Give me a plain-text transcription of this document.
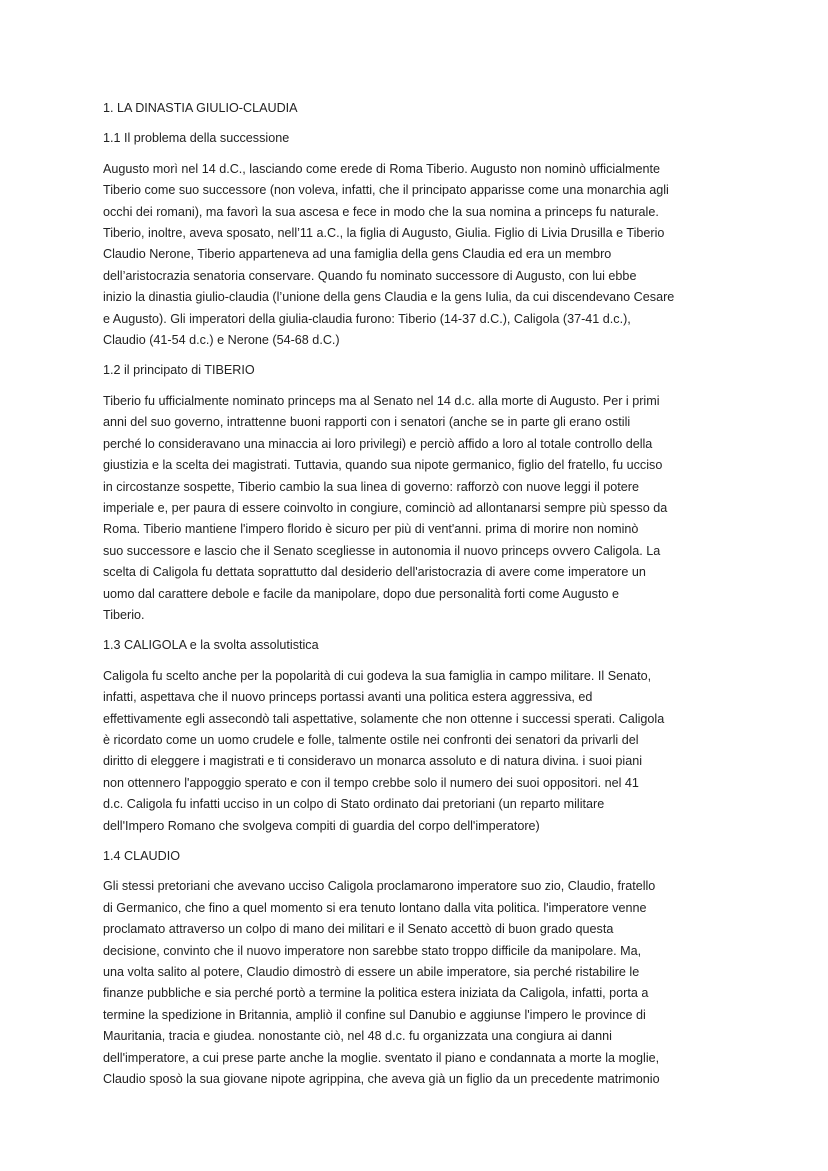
1. LA DINASTIA GIULIO-CLAUDIA
1.1 Il problema della successione
Augusto morì nel 14 d.C., lasciando come erede di Roma Tiberio. Augusto non nominò ufficialmente
Tiberio come suo successore (non voleva, infatti, che il principato apparisse come una monarchia agli
occhi dei romani), ma favorì la sua ascesa e fece in modo che la sua nomina a princeps fu naturale.
Tiberio, inoltre, aveva sposato, nell’11 a.C., la figlia di Augusto, Giulia. Figlio di Livia Drusilla e Tiberio
Claudio Nerone, Tiberio apparteneva ad una famiglia della gens Claudia ed era un membro
dell’aristocrazia senatoria conservare. Quando fu nominato successore di Augusto, con lui ebbe
inizio la dinastia giulio-claudia (l’unione della gens Claudia e la gens Iulia, da cui discendevano Cesare
e Augusto). Gli imperatori della giulia-claudia furono: Tiberio (14-37 d.C.), Caligola (37-41 d.c.),
Claudio (41-54 d.c.) e Nerone (54-68 d.C.)
1.2 il principato di TIBERIO
Tiberio fu ufficialmente nominato princeps ma al Senato nel 14 d.c. alla morte di Augusto. Per i primi
anni del suo governo, intrattenne buoni rapporti con i senatori (anche se in parte gli erano ostili
perché lo consideravano una minaccia ai loro privilegi) e perciò affido a loro al totale controllo della
giustizia e la scelta dei magistrati. Tuttavia, quando sua nipote germanico, figlio del fratello, fu ucciso
in circostanze sospette, Tiberio cambio la sua linea di governo: rafforzò con nuove leggi il potere
imperiale e, per paura di essere coinvolto in congiure, cominciò ad allontanarsi sempre più spesso da
Roma. Tiberio mantiene l'impero florido è sicuro per più di vent'anni. prima di morire non nominò
suo successore e lascio che il Senato scegliesse in autonomia il nuovo princeps ovvero Caligola. La
scelta di Caligola fu dettata soprattutto dal desiderio dell'aristocrazia di avere come imperatore un
uomo dal carattere debole e facile da manipolare, dopo due personalità forti come Augusto e
Tiberio.
1.3 CALIGOLA e la svolta assolutistica
Caligola fu scelto anche per la popolarità di cui godeva la sua famiglia in campo militare. Il Senato,
infatti, aspettava che il nuovo princeps portassi avanti una politica estera aggressiva, ed
effettivamente egli assecondò tali aspettative, solamente che non ottenne i successi sperati. Caligola
è ricordato come un uomo crudele e folle, talmente ostile nei confronti dei senatori da privarli del
diritto di eleggere i magistrati e ti consideravo un monarca assoluto e di natura divina. i suoi piani
non ottennero l'appoggio sperato e con il tempo crebbe solo il numero dei suoi oppositori. nel 41
d.c. Caligola fu infatti ucciso in un colpo di Stato ordinato dai pretoriani (un reparto militare
dell'Impero Romano che svolgeva compiti di guardia del corpo dell'imperatore)
1.4 CLAUDIO
Gli stessi pretoriani che avevano ucciso Caligola proclamarono imperatore suo zio, Claudio, fratello
di Germanico, che fino a quel momento si era tenuto lontano dalla vita politica. l'imperatore venne
proclamato attraverso un colpo di mano dei militari e il Senato accettò di buon grado questa
decisione, convinto che il nuovo imperatore non sarebbe stato troppo difficile da manipolare. Ma,
una volta salito al potere, Claudio dimostrò di essere un abile imperatore, sia perché ristabilire le
finanze pubbliche e sia perché portò a termine la politica estera iniziata da Caligola, infatti, porta a
termine la spedizione in Britannia, ampliò il confine sul Danubio e aggiunse l'impero le province di
Mauritania, tracia e giudea. nonostante ciò, nel 48 d.c. fu organizzata una congiura ai danni
dell'imperatore, a cui prese parte anche la moglie. sventato il piano e condannata a morte la moglie,
Claudio sposò la sua giovane nipote agrippina, che aveva già un figlio da un precedente matrimonio
